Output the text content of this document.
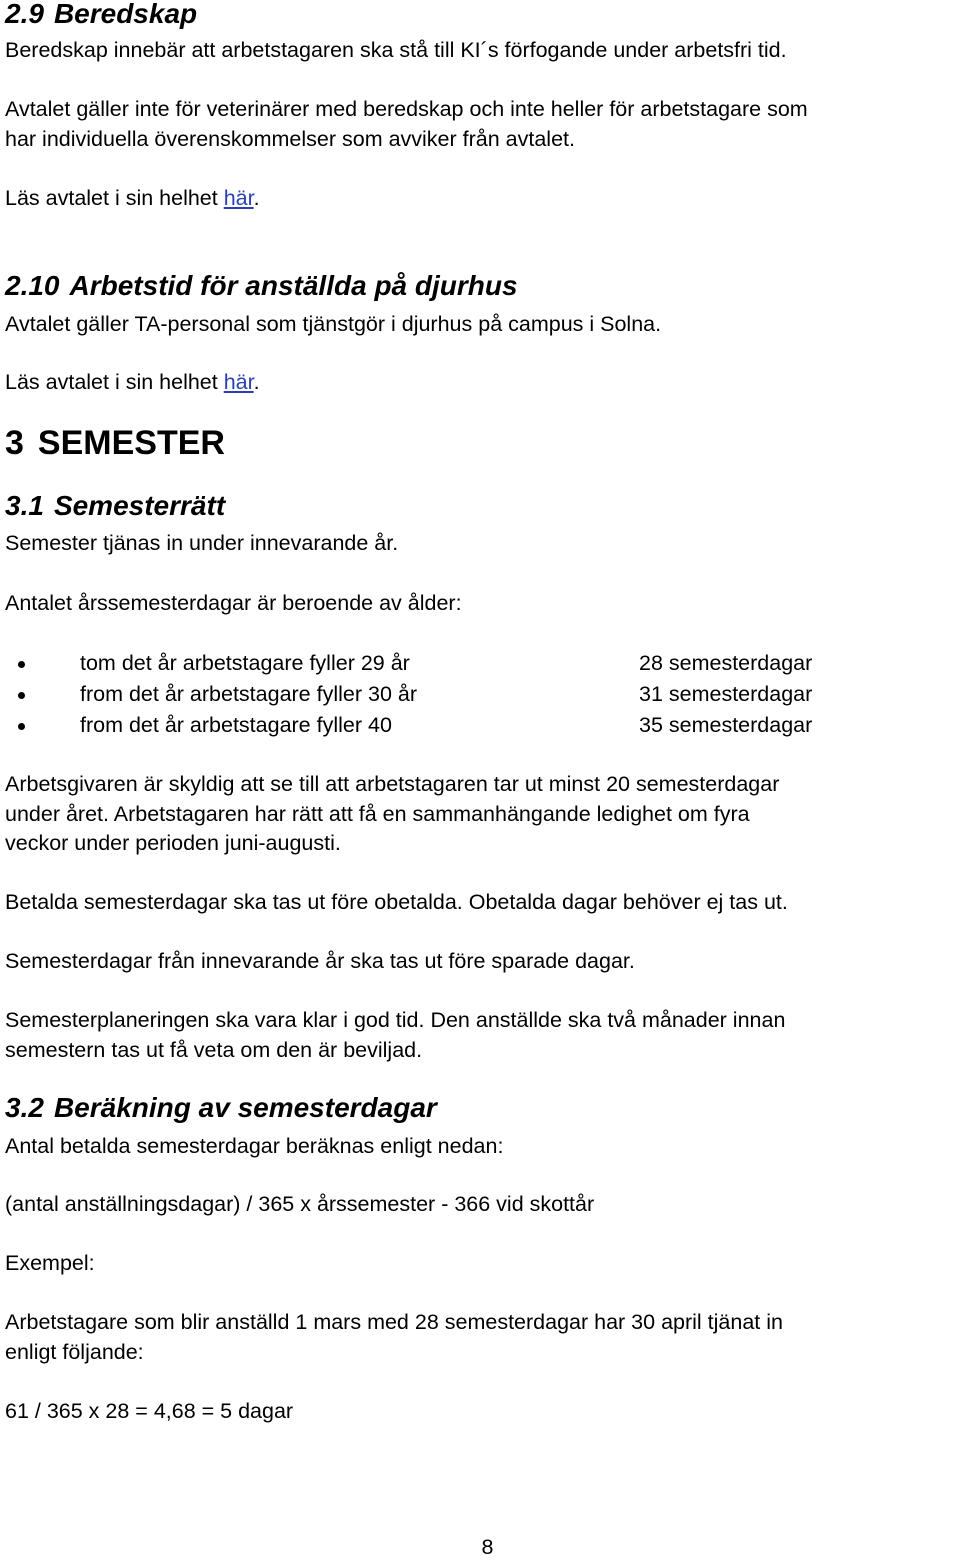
2.9 Beredskap

Beredskap innebär att arbetstagaren ska stå till KI´s förfogande under arbetsfri tid.

Avtalet gäller inte för veterinärer med beredskap och inte heller för arbetstagare som

har individuella överenskommelser som avviker från avtalet.

Läs avtalet i sin helhet här.

2.10 Arbetstid för anställda på djurhus

Avtalet gäller TA-personal som tjänstgör i djurhus på campus i Solna.

Läs avtalet i sin helhet här.

3 SEMESTER
3.1 Semesterrätt

Semester tjänas in under innevarande år.

Antalet årssemesterdagar är beroende av ålder:

tom det år arbetstagare fyller 29 år	28 semesterdagar
from det år arbetstagare fyller 30 år	31 semesterdagar
from det år arbetstagare fyller 40	35 semesterdagar

Arbetsgivaren är skyldig att se till att arbetstagaren tar ut minst 20 semesterdagar

under året. Arbetstagaren har rätt att få en sammanhängande ledighet om fyra

veckor under perioden juni-augusti.

Betalda semesterdagar ska tas ut före obetalda. Obetalda dagar behöver ej tas ut.

Semesterdagar från innevarande år ska tas ut före sparade dagar.

Semesterplaneringen ska vara klar i god tid. Den anställde ska två månader innan

semestern tas ut få veta om den är beviljad.

3.2 Beräkning av semesterdagar

Antal betalda semesterdagar beräknas enligt nedan:

(antal anställningsdagar) / 365 x årssemester - 366 vid skottår

Exempel:

Arbetstagare som blir anställd 1 mars med 28 semesterdagar har 30 april tjänat in

enligt följande:

61 / 365 x 28 = 4,68 = 5 dagar

8
